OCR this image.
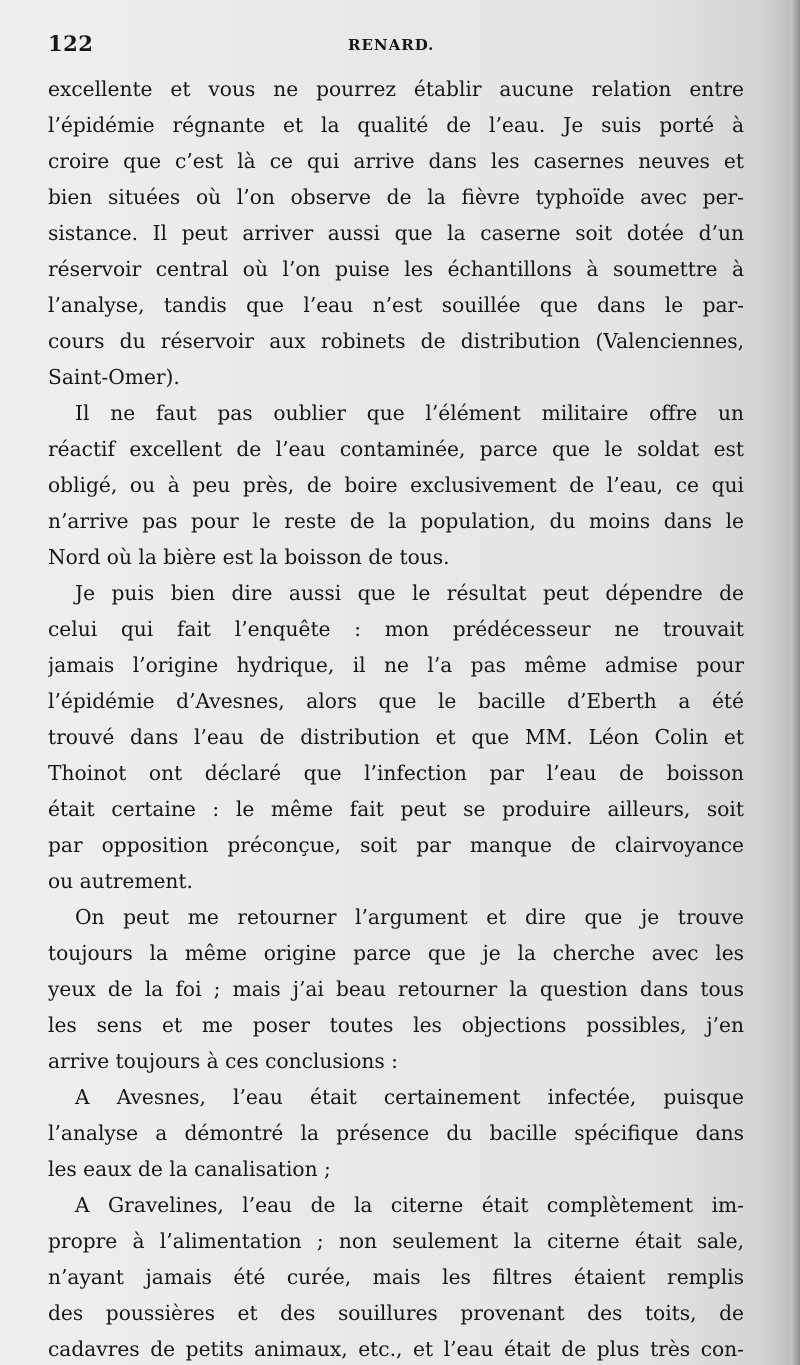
122	RENARD.
excellente et vous ne pourrez établir aucune relation entre
l’épidémie régnante et la qualité de l’eau. Je suis porté à
croire que c’est là ce qui arrive dans les casernes neuves et
bien situées où l’on observe de la fièvre typhoïde avec per-
sistance. Il peut arriver aussi que la caserne soit dotée d’un
réservoir central où l’on puise les échantillons à soumettre à
l’analyse, tandis que l’eau n’est souillée que dans le par-
cours du réservoir aux robinets de distribution (Valenciennes,
Saint-Omer).
Il ne faut pas oublier que l’élément militaire offre un
réactif excellent de l’eau contaminée, parce que le soldat est
obligé, ou à peu près, de boire exclusivement de l’eau, ce qui
n’arrive pas pour le reste de la population, du moins dans le
Nord où la bière est la boisson de tous.
Je puis bien dire aussi que le résultat peut dépendre de
celui qui fait l’enquête : mon prédécesseur ne trouvait
jamais l’origine hydrique, il ne l’a pas même admise pour
l’épidémie d’Avesnes, alors que le bacille d’Eberth a été
trouvé dans l’eau de distribution et que MM. Léon Colin et
Thoinot ont déclaré que l’infection par l’eau de boisson
était certaine : le même fait peut se produire ailleurs, soit
par opposition préconçue, soit par manque de clairvoyance
ou autrement.
On peut me retourner l’argument et dire que je trouve
toujours la même origine parce que je la cherche avec les
yeux de la foi ; mais j’ai beau retourner la question dans tous
les sens et me poser toutes les objections possibles, j’en
arrive toujours à ces conclusions :
A Avesnes, l’eau était certainement infectée, puisque
l’analyse a démontré la présence du bacille spécifique dans
les eaux de la canalisation ;
A Gravelines, l’eau de la citerne était complètement im-
propre à l’alimentation ; non seulement la citerne était sale,
n’ayant jamais été curée, mais les filtres étaient remplis
des poussières et des souillures provenant des toits, de
cadavres de petits animaux, etc., et l’eau était de plus très con-
